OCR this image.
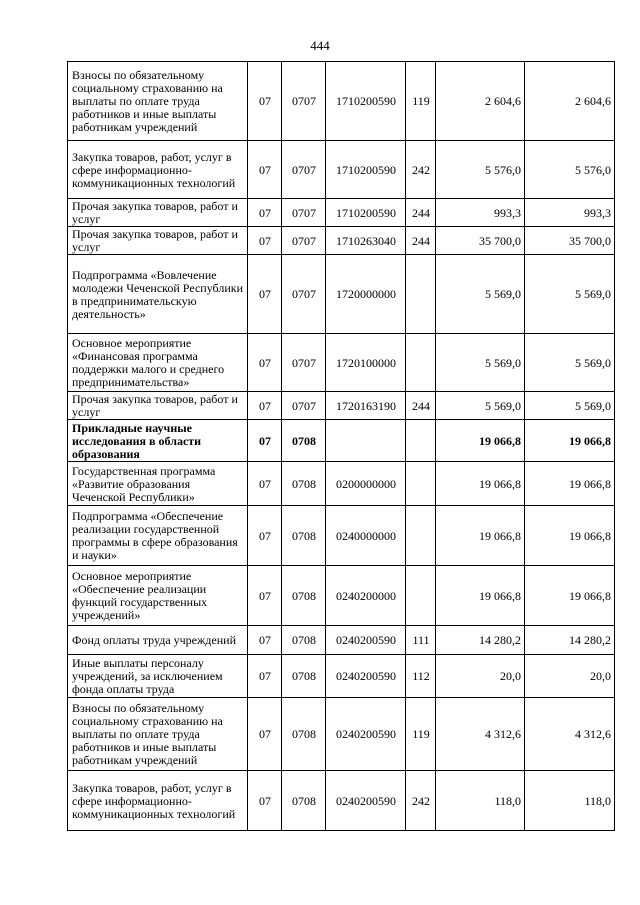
444
Взносы по обязательному социальному страхованию на выплаты по оплате труда работников и иные выплаты работникам учреждений	07	0707	1710200590	119	2 604,6	2 604,6
Закупка товаров, работ, услуг в сфере информационно-коммуникационных технологий	07	0707	1710200590	242	5 576,0	5 576,0
Прочая закупка товаров, работ и услуг	07	0707	1710200590	244	993,3	993,3
Прочая закупка товаров, работ и услуг	07	0707	1710263040	244	35 700,0	35 700,0
Подпрограмма «Вовлечение молодежи Чеченской Республики в предпринимательскую деятельность»	07	0707	1720000000		5 569,0	5 569,0
Основное мероприятие «Финансовая программа поддержки малого и среднего предпринимательства»	07	0707	1720100000		5 569,0	5 569,0
Прочая закупка товаров, работ и услуг	07	0707	1720163190	244	5 569,0	5 569,0
Прикладные научные исследования в области образования	07	0708			19 066,8	19 066,8
Государственная программа «Развитие образования Чеченской Республики»	07	0708	0200000000		19 066,8	19 066,8
Подпрограмма «Обеспечение реализации государственной программы в сфере образования и науки»	07	0708	0240000000		19 066,8	19 066,8
Основное мероприятие «Обеспечение реализации функций государственных учреждений»	07	0708	0240200000		19 066,8	19 066,8
Фонд оплаты труда учреждений	07	0708	0240200590	111	14 280,2	14 280,2
Иные выплаты персоналу учреждений, за исключением фонда оплаты труда	07	0708	0240200590	112	20,0	20,0
Взносы по обязательному социальному страхованию на выплаты по оплате труда работников и иные выплаты работникам учреждений	07	0708	0240200590	119	4 312,6	4 312,6
Закупка товаров, работ, услуг в сфере информационно-коммуникационных технологий	07	0708	0240200590	242	118,0	118,0
